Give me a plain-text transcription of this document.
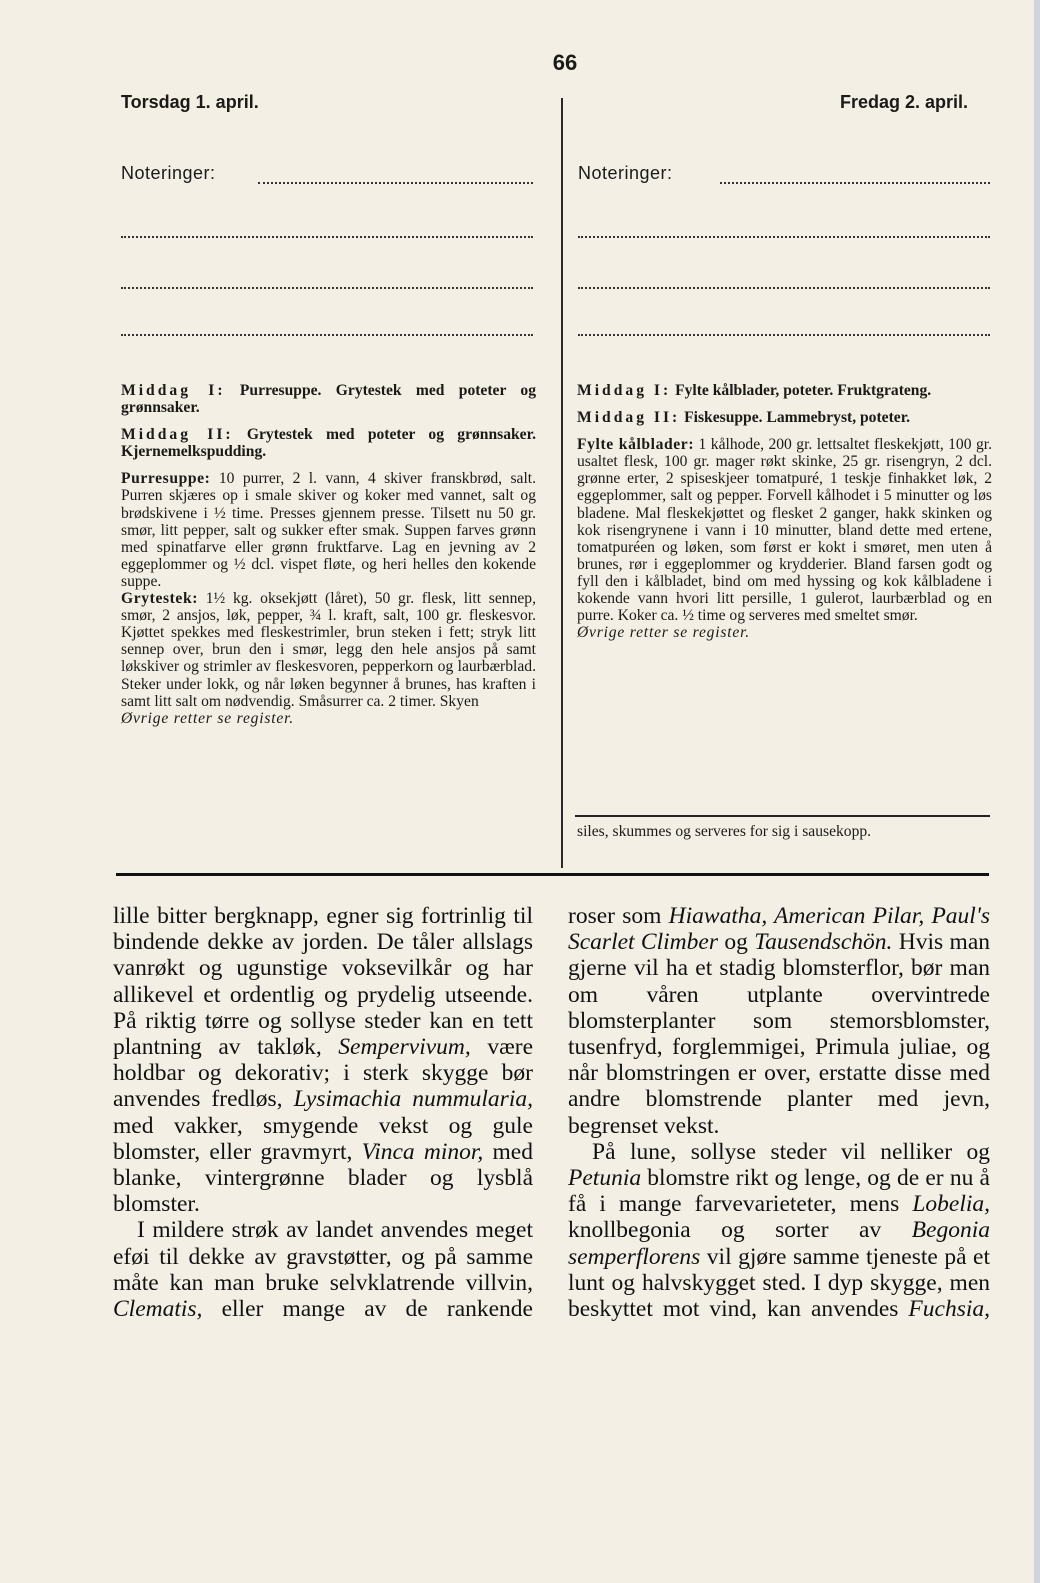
66
Torsdag 1. april.	Fredag 2. april.
Noteringer:	Noteringer:

Middag I: Purresuppe. Grytestek med poteter og grønnsaker.

Middag II: Grytestek med poteter og grønnsaker. Kjernemelkspudding.

Purresuppe: 10 purrer, 2 l. vann, 4 skiver franskbrød, salt. Purren skjæres op i smale skiver og koker med vannet, salt og brødskivene i ½ time. Presses gjennem presse. Tilsett nu 50 gr. smør, litt pepper, salt og sukker efter smak. Suppen farves grønn med spinatfarve eller grønn fruktfarve. Lag en jevning av 2 eggeplommer og ½ dcl. vispet fløte, og heri helles den kokende suppe.

Grytestek: 1½ kg. oksekjøtt (låret), 50 gr. flesk, litt sennep, smør, 2 ansjos, løk, pepper, ¾ l. kraft, salt, 100 gr. fleskesvor. Kjøttet spekkes med fleskestrimler, brun steken i fett; stryk litt sennep over, brun den i smør, legg den hele ansjos på samt løkskiver og strimler av fleskesvoren, pepperkorn og laurbærblad. Steker under lokk, og når løken begynner å brunes, has kraften i samt litt salt om nødvendig. Småsurrer ca. 2 timer. Skyen

Øvrige retter se register.

Middag I: Fylte kålblader, poteter. Fruktgrateng.

Middag II: Fiskesuppe. Lammebryst, poteter.

Fylte kålblader: 1 kålhode, 200 gr. lettsaltet fleskekjøtt, 100 gr. usaltet flesk, 100 gr. mager røkt skinke, 25 gr. risengryn, 2 dcl. grønne erter, 2 spiseskjeer tomatpuré, 1 teskje finhakket løk, 2 eggeplommer, salt og pepper. Forvell kålhodet i 5 minutter og løs bladene. Mal fleskekjøttet og flesket 2 ganger, hakk skinken og kok risengrynene i vann i 10 minutter, bland dette med ertene, tomatpuréen og løken, som først er kokt i smøret, men uten å brunes, rør i eggeplommer og krydderier. Bland farsen godt og fyll den i kålbladet, bind om med hyssing og kok kålbladene i kokende vann hvori litt persille, 1 gulerot, laurbærblad og en purre. Koker ca. ½ time og serveres med smeltet smør.

Øvrige retter se register.

siles, skummes og serveres for sig i sausekopp.

lille bitter bergknapp, egner sig fortrinlig til bindende dekke av jorden. De tåler allslags vanrøkt og ugunstige voksevilkår og har allikevel et ordentlig og prydelig utseende. På riktig tørre og sollyse steder kan en tett plantning av takløk, Sempervivum, være holdbar og dekorativ; i sterk skygge bør anvendes fredløs, Lysimachia nummularia, med vakker, smygende vekst og gule blomster, eller gravmyrt, Vinca minor, med blanke, vintergrønne blader og lysblå blomster.

I mildere strøk av landet anvendes meget eføi til dekke av gravstøtter, og på samme måte kan man bruke selvklatrende villvin, Clematis, eller mange av de rankende

roser som Hiawatha, American Pilar, Paul's Scarlet Climber og Tausendschön. Hvis man gjerne vil ha et stadig blomsterflor, bør man om våren utplante overvintrede blomsterplanter som stemorsblomster, tusenfryd, forglemmigei, Primula juliae, og når blomstringen er over, erstatte disse med andre blomstrende planter med jevn, begrenset vekst.

På lune, sollyse steder vil nelliker og Petunia blomstre rikt og lenge, og de er nu å få i mange farvevarieteter, mens Lobelia, knollbegonia og sorter av Begonia semperflorens vil gjøre samme tjeneste på et lunt og halvskygget sted. I dyp skygge, men beskyttet mot vind, kan anvendes Fuchsia,
